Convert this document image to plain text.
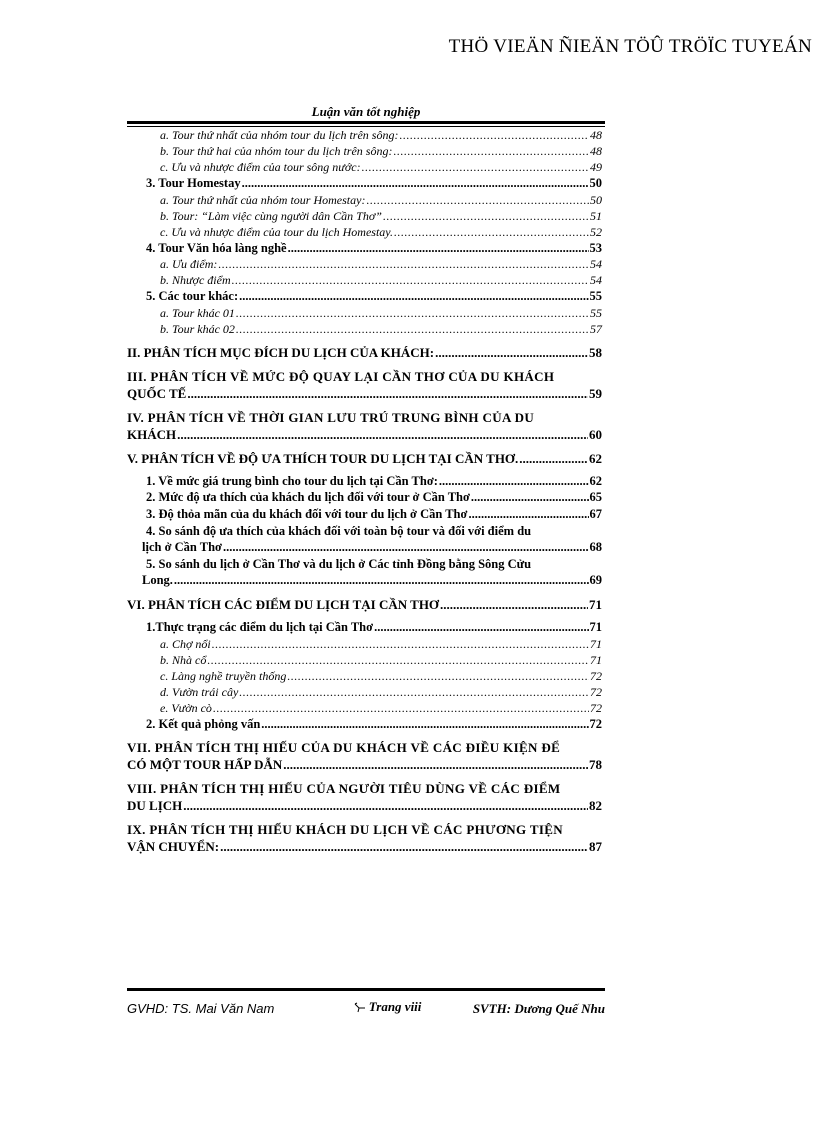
THÖ VIEÄN ÑIEÄN TÖÛ TRÖÏC TUYEÁN
Luận văn tốt nghiệp
a. Tour thứ nhất của nhóm tour du lịch trên sông: .....	48
b. Tour thứ hai của nhóm tour du lịch trên sông: .....	48
c. Ưu và nhược điểm của tour sông nước: .....	49
3. Tour Homestay .....	50
a. Tour thứ nhất của nhóm tour Homestay: .....	50
b. Tour: “Làm việc cùng người dân Cần Thơ” .....	51
c. Ưu và nhược điểm của tour du lịch Homestay. .....	52
4. Tour Văn hóa làng nghề .....	53
a. Ưu điểm: .....	54
b. Nhược điểm .....	54
5. Các tour khác: .....	55
a. Tour khác 01 .....	55
b. Tour khác 02 .....	57
II. PHÂN TÍCH MỤC ĐÍCH DU LỊCH CỦA KHÁCH: .....	58
III. PHÂN TÍCH VỀ MỨC ĐỘ QUAY LẠI CẦN THƠ CỦA DU KHÁCH
QUỐC TẾ .....	59
IV. PHÂN TÍCH VỀ THỜI GIAN LƯU TRÚ TRUNG BÌNH CỦA DU
KHÁCH .....	60
V. PHÂN TÍCH VỀ ĐỘ ƯA THÍCH TOUR DU LỊCH TẠI CẦN THƠ. .....	62
1. Về mức giá trung bình cho tour du lịch tại Cần Thơ: .....	62
2. Mức độ ưa thích của khách du lịch đối với tour ở Cần Thơ .....	65
3. Độ thỏa mãn của du khách đối với tour du lịch ở Cần Thơ .....	67
4. So sánh độ ưa thích của khách đối với toàn bộ tour và đối với điểm du
lịch ở Cần Thơ .....	68
5. So sánh du lịch ở Cần Thơ và du lịch ở Các tỉnh Đồng bằng Sông Cửu
Long. .....	69
VI. PHÂN TÍCH CÁC ĐIỂM DU LỊCH TẠI CẦN THƠ .....	71
1.Thực trạng các điểm du lịch tại Cần Thơ .....	71
a. Chợ nổi .....	71
b. Nhà cổ .....	71
c. Làng nghề truyền thống .....	72
d. Vườn trái cây .....	72
e. Vườn cò .....	72
2. Kết quả phỏng vấn .....	72
VII. PHÂN TÍCH THỊ HIẾU CỦA DU KHÁCH VỀ CÁC ĐIỀU KIỆN ĐỂ
CÓ MỘT TOUR HẤP DẪN .....	78
VIII. PHÂN TÍCH THỊ HIẾU CỦA NGƯỜI TIÊU DÙNG VỀ CÁC ĐIỂM
DU LỊCH .....	82
IX. PHÂN TÍCH THỊ HIẾU KHÁCH DU LỊCH VỀ CÁC PHƯƠNG TIỆN
VẬN CHUYỂN: .....	87
GVHD: TS. Mai Văn Nam	Trang viii	SVTH: Dương Quế Nhu
